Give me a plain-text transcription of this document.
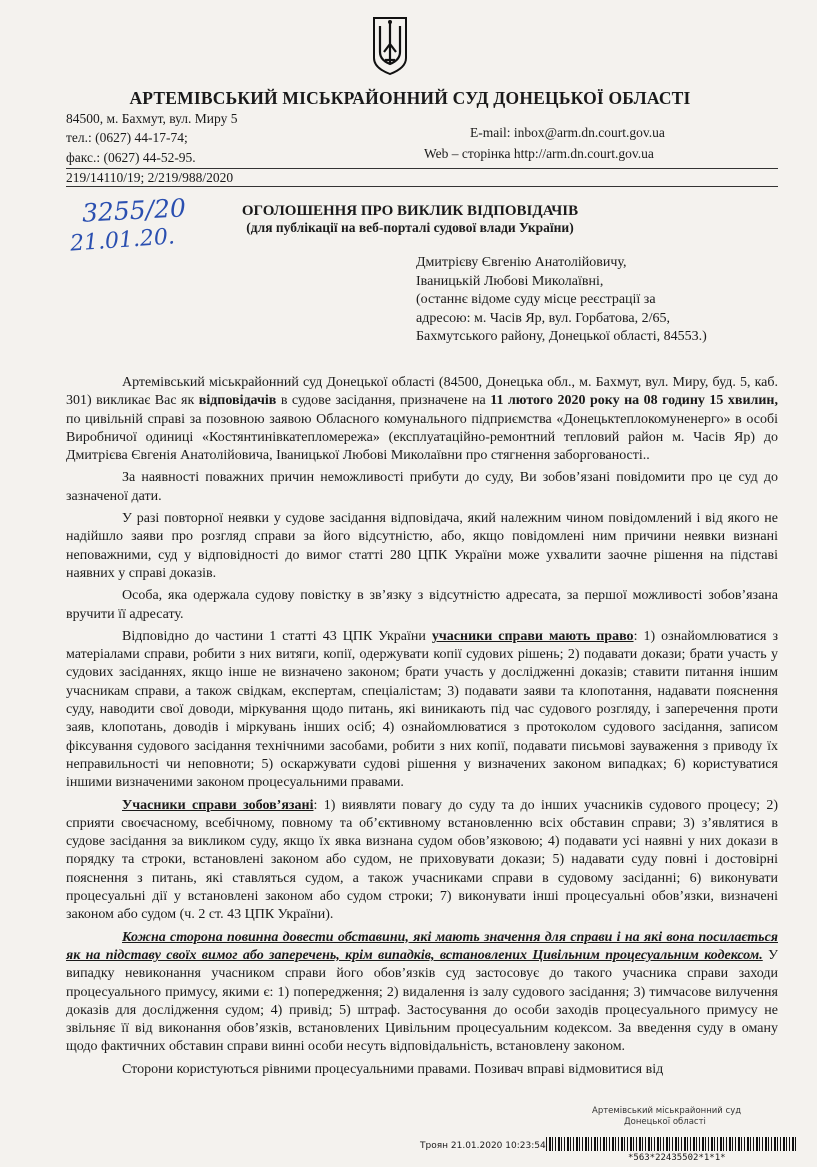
АРТЕМІВСЬКИЙ МІСЬКРАЙОННИЙ СУД ДОНЕЦЬКОЇ ОБЛАСТІ
84500, м. Бахмут, вул. Миру 5
тел.: (0627) 44-17-74;	E-mail: inbox@arm.dn.court.gov.ua
факс.: (0627) 44-52-95.	Web – сторінка http://arm.dn.court.gov.ua
219/14110/19; 2/219/988/2020
3255/20
21.01.20.
ОГОЛОШЕННЯ ПРО ВИКЛИК ВІДПОВІДАЧІВ
(для публікації на веб-порталі судової влади України)
Дмитрієву Євгенію Анатолійовичу,
Іваницькій Любові Миколаївні,
(останнє відоме суду місце реєстрації за
адресою: м. Часів Яр, вул. Горбатова, 2/65,
Бахмутського району, Донецької області, 84553.)

Артемівський міськрайонний суд Донецької області (84500, Донецька обл., м. Бахмут, вул. Миру, буд. 5, каб. 301) викликає Вас як відповідачів в судове засідання, призначене на 11 лютого 2020 року на 08 годину 15 хвилин, по цивільній справі за позовною заявою Обласного комунального підприємства «Донецьктеплокомуненерго» в особі Виробничої одиниці «Костянтинівкатепломережа» (експлуатаційно-ремонтний тепловий район м. Часів Яр) до Дмитрієва Євгенія Анатолійовича, Іваницької Любові Миколаївни про стягнення заборгованості..

За наявності поважних причин неможливості прибути до суду, Ви зобов’язані повідомити про це суд до зазначеної дати.

У разі повторної неявки у судове засідання відповідача, який належним чином повідомлений і від якого не надійшло заяви про розгляд справи за його відсутністю, або, якщо повідомлені ним причини неявки визнані неповажними, суд у відповідності до вимог статті 280 ЦПК України може ухвалити заочне рішення на підставі наявних у справі доказів.

Особа, яка одержала судову повістку в зв’язку з відсутністю адресата, за першої можливості зобов’язана вручити її адресату.

Відповідно до частини 1 статті 43 ЦПК України учасники справи мають право: 1) ознайомлюватися з матеріалами справи, робити з них витяги, копії, одержувати копії судових рішень; 2) подавати докази; брати участь у судових засіданнях, якщо інше не визначено законом; брати участь у дослідженні доказів; ставити питання іншим учасникам справи, а також свідкам, експертам, спеціалістам; 3) подавати заяви та клопотання, надавати пояснення суду, наводити свої доводи, міркування щодо питань, які виникають під час судового розгляду, і заперечення проти заяв, клопотань, доводів і міркувань інших осіб; 4) ознайомлюватися з протоколом судового засідання, записом фіксування судового засідання технічними засобами, робити з них копії, подавати письмові зауваження з приводу їх неправильності чи неповноти; 5) оскаржувати судові рішення у визначених законом випадках; 6) користуватися іншими визначеними законом процесуальними правами.

Учасники справи зобов’язані: 1) виявляти повагу до суду та до інших учасників судового процесу; 2) сприяти своєчасному, всебічному, повному та об’єктивному встановленню всіх обставин справи; 3) з’являтися в судове засідання за викликом суду, якщо їх явка визнана судом обов’язковою; 4) подавати усі наявні у них докази в порядку та строки, встановлені законом або судом, не приховувати докази; 5) надавати суду повні і достовірні пояснення з питань, які ставляться судом, а також учасниками справи в судовому засіданні; 6) виконувати процесуальні дії у встановлені законом або судом строки; 7) виконувати інші процесуальні обов’язки, визначені законом або судом (ч. 2 ст. 43 ЦПК України).

Кожна сторона повинна довести обставини, які мають значення для справи і на які вона посилається як на підставу своїх вимог або заперечень, крім випадків, встановлених Цивільним процесуальним кодексом. У випадку невиконання учасником справи його обов’язків суд застосовує до такого учасника справи заходи процесуального примусу, якими є: 1) попередження; 2) видалення із залу судового засідання; 3) тимчасове вилучення доказів для дослідження судом; 4) привід; 5) штраф. Застосування до особи заходів процесуального примусу не звільняє її від виконання обов’язків, встановлених Цивільним процесуальним кодексом. За введення суду в оману щодо фактичних обставин справи винні особи несуть відповідальність, встановлену законом.

Сторони користуються рівними процесуальними правами. Позивач вправі відмовитися від

Артемівський міськрайонний суд
Донецької області
Троян 21.01.2020 10:23:54
*563*22435502*1*1*
